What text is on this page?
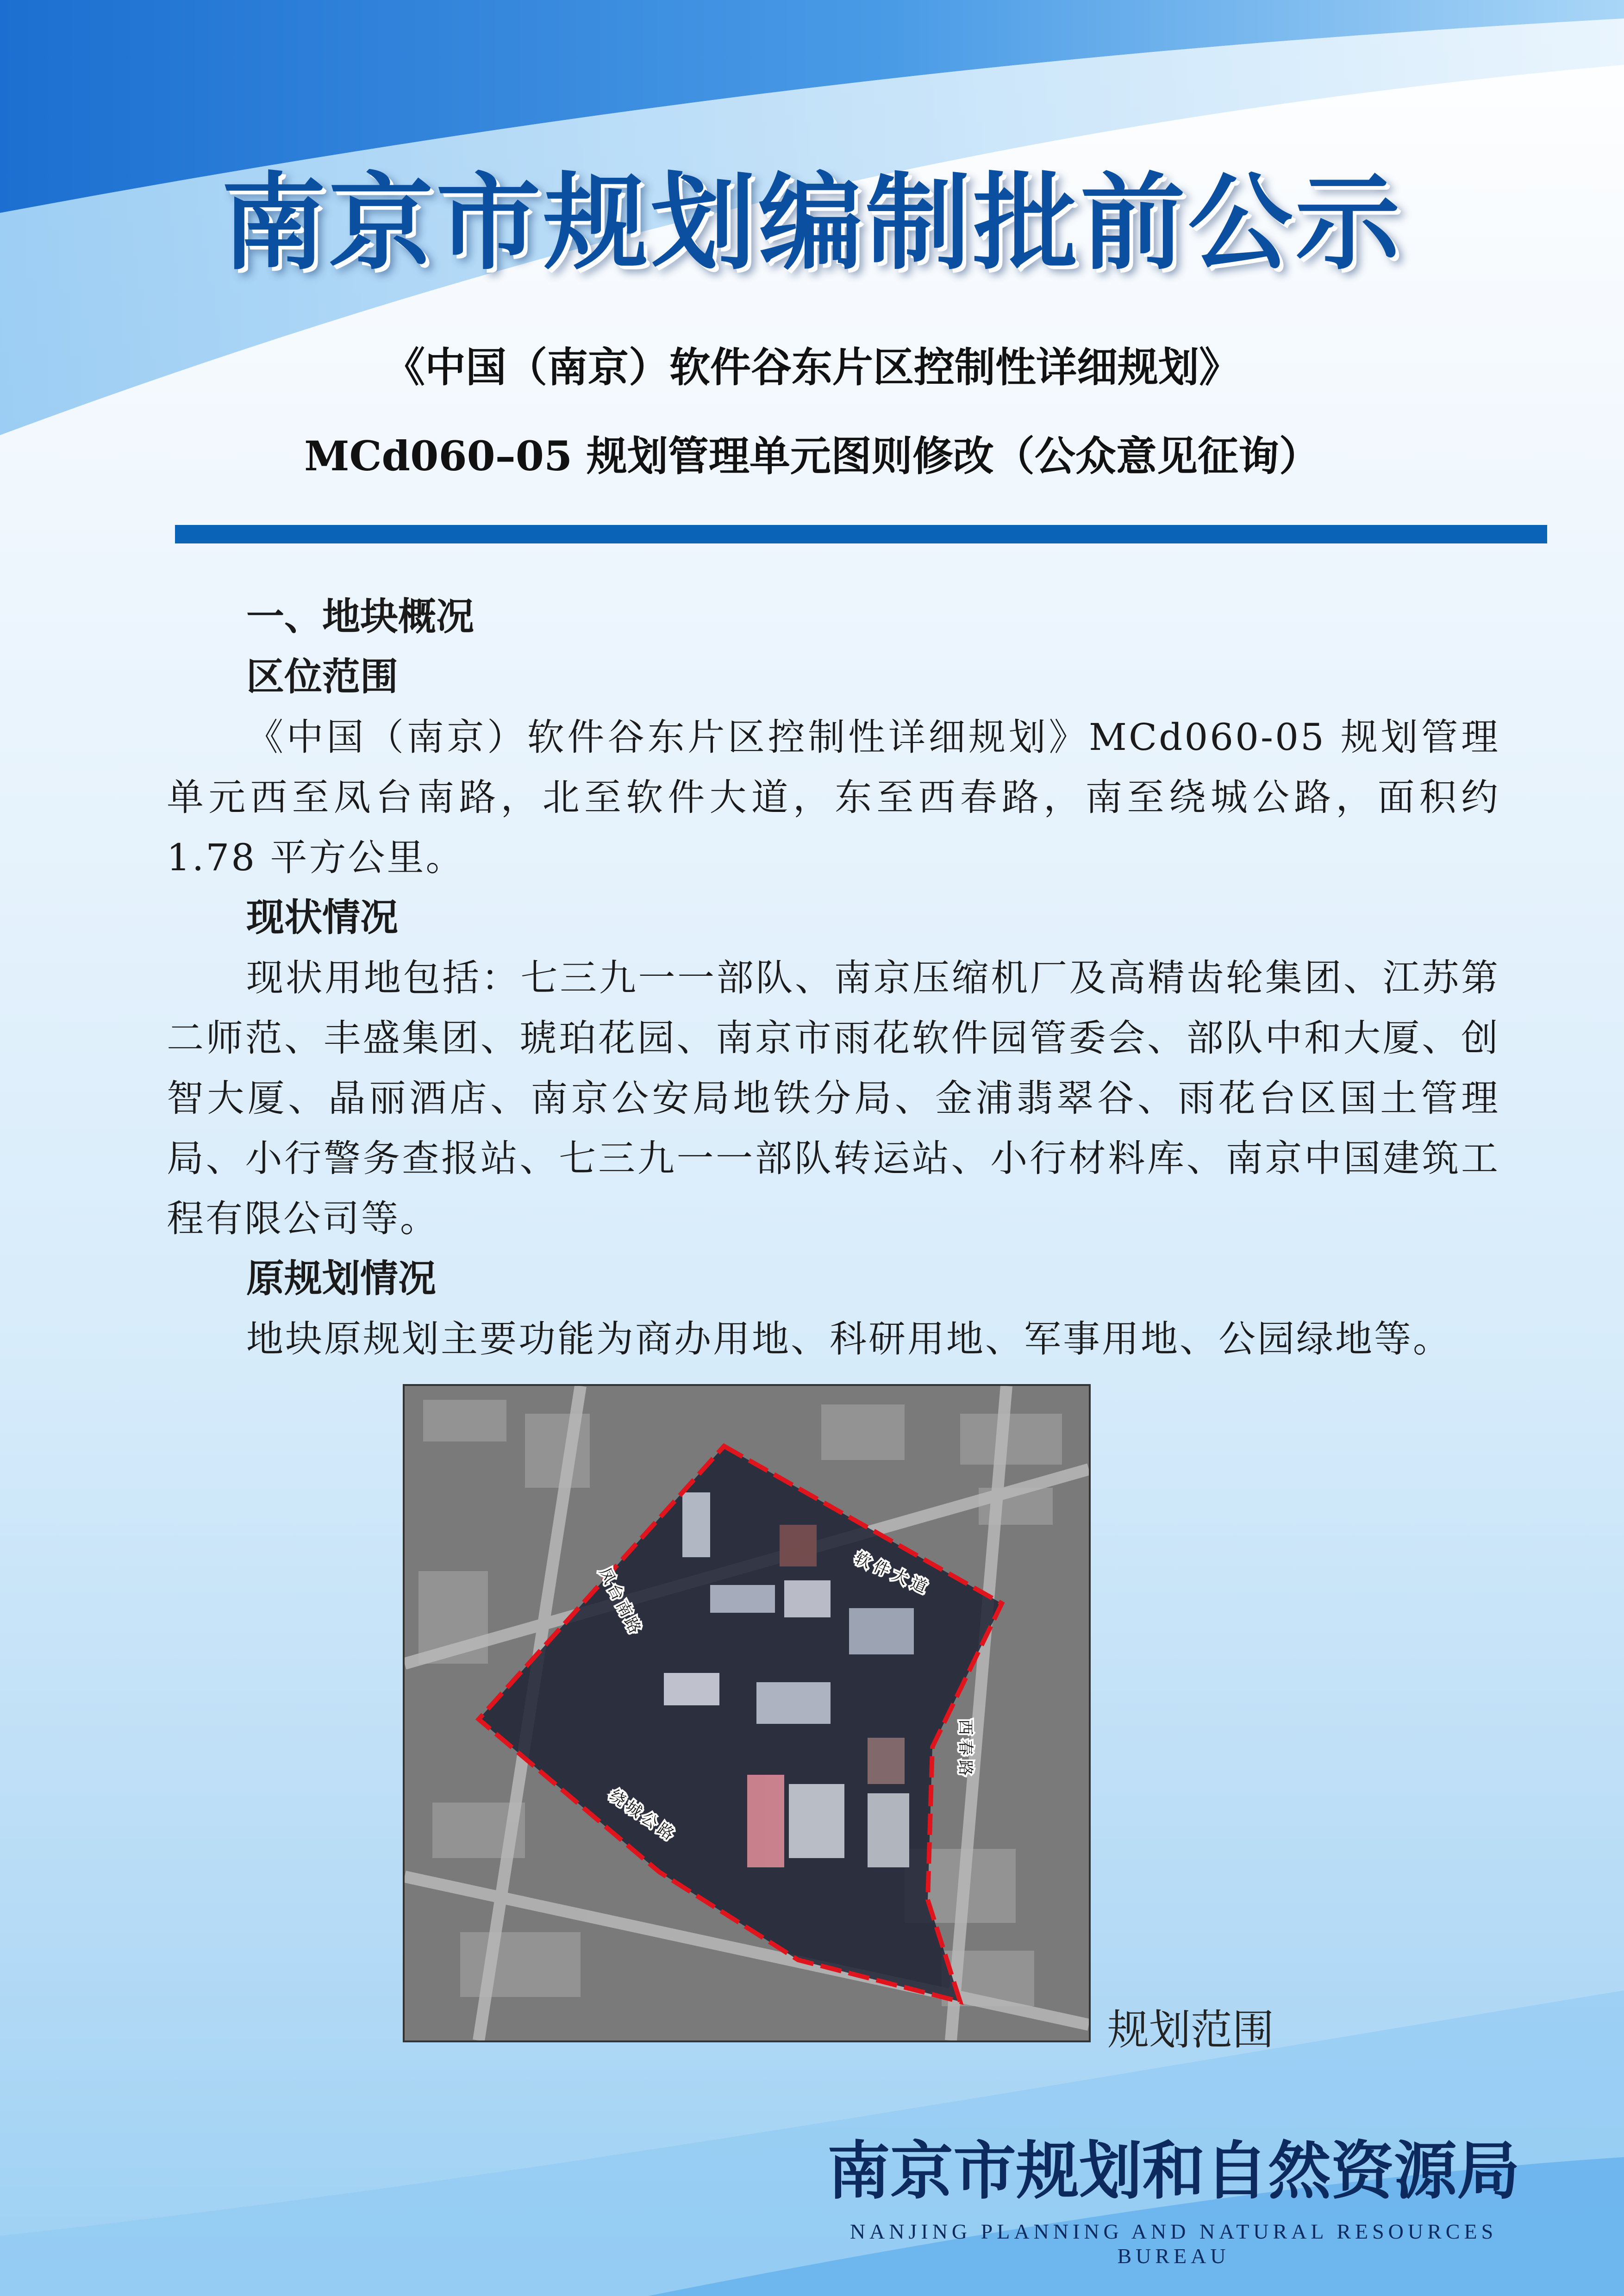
南京市规划编制批前公示
《中国（南京）软件谷东片区控制性详细规划》
MCd060–05 规划管理单元图则修改（公众意见征询）
一、地块概况
区位范围
《中国（南京）软件谷东片区控制性详细规划》MCd060-05 规划管理单元西至凤台南路，北至软件大道，东至西春路，南至绕城公路，面积约 1.78 平方公里。
现状情况
现状用地包括：七三九一一部队、南京压缩机厂及高精齿轮集团、江苏第二师范、丰盛集团、琥珀花园、南京市雨花软件园管委会、部队中和大厦、创智大厦、晶丽酒店、南京公安局地铁分局、金浦翡翠谷、雨花台区国土管理局、小行警务查报站、七三九一一部队转运站、小行材料库、南京中国建筑工程有限公司等。
原规划情况
地块原规划主要功能为商办用地、科研用地、军事用地、公园绿地等。
凤台南路	软件大道
西春路
绕城公路
规划范围
南京市规划和自然资源局
NANJING PLANNING AND NATURAL RESOURCES BUREAU
